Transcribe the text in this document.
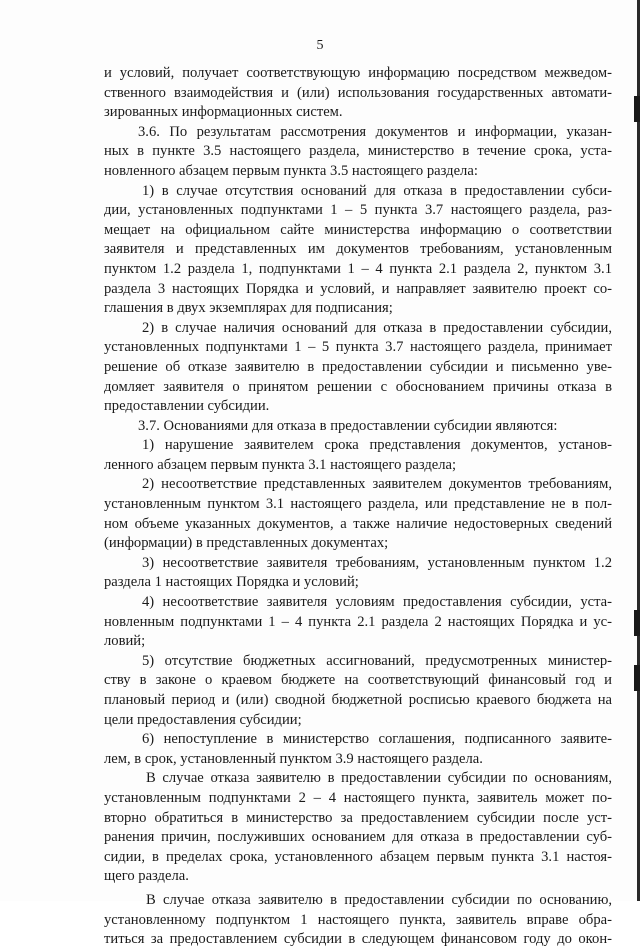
5
и условий, получает соответствующую информацию посредством межведом-
ственного взаимодействия и (или) использования государственных автомати-
зированных информационных систем.
3.6. По результатам рассмотрения документов и информации, указан-
ных в пункте 3.5 настоящего раздела, министерство в течение срока, уста-
новленного абзацем первым пункта 3.5 настоящего раздела:
1) в случае отсутствия оснований для отказа в предоставлении субси-
дии, установленных подпунктами 1 – 5 пункта 3.7 настоящего раздела, раз-
мещает на официальном сайте министерства информацию о соответствии
заявителя и представленных им документов требованиям, установленным
пунктом 1.2 раздела 1, подпунктами 1 – 4 пункта 2.1 раздела 2, пунктом 3.1
раздела 3 настоящих Порядка и условий, и направляет заявителю проект со-
глашения в двух экземплярах для подписания;
2) в случае наличия оснований для отказа в предоставлении субсидии,
установленных подпунктами 1 – 5 пункта 3.7 настоящего раздела, принимает
решение об отказе заявителю в предоставлении субсидии и письменно уве-
домляет заявителя о принятом решении с обоснованием причины отказа в
предоставлении субсидии.
3.7. Основаниями для отказа в предоставлении субсидии являются:
1) нарушение заявителем срока представления документов, установ-
ленного абзацем первым пункта 3.1 настоящего раздела;
2) несоответствие представленных заявителем документов требованиям,
установленным пунктом 3.1 настоящего раздела, или представление не в пол-
ном объеме указанных документов, а также наличие недостоверных сведений
(информации) в представленных документах;
3) несоответствие заявителя требованиям, установленным пунктом 1.2
раздела 1 настоящих Порядка и условий;
4) несоответствие заявителя условиям предоставления субсидии, уста-
новленным подпунктами 1 – 4 пункта 2.1 раздела 2 настоящих Порядка и ус-
ловий;
5) отсутствие бюджетных ассигнований, предусмотренных министер-
ству в законе о краевом бюджете на соответствующий финансовый год и
плановый период и (или) сводной бюджетной росписью краевого бюджета на
цели предоставления субсидии;
6) непоступление в министерство соглашения, подписанного заявите-
лем, в срок, установленный пунктом 3.9 настоящего раздела.
В случае отказа заявителю в предоставлении субсидии по основаниям,
установленным подпунктами 2 – 4 настоящего пункта, заявитель может по-
вторно обратиться в министерство за предоставлением субсидии после уст-
ранения причин, послуживших основанием для отказа в предоставлении суб-
сидии, в пределах срока, установленного абзацем первым пункта 3.1 настоя-
щего раздела.
В случае отказа заявителю в предоставлении субсидии по основанию,
установленному подпунктом 1 настоящего пункта, заявитель вправе обра-
титься за предоставлением субсидии в следующем финансовом году до окон-
